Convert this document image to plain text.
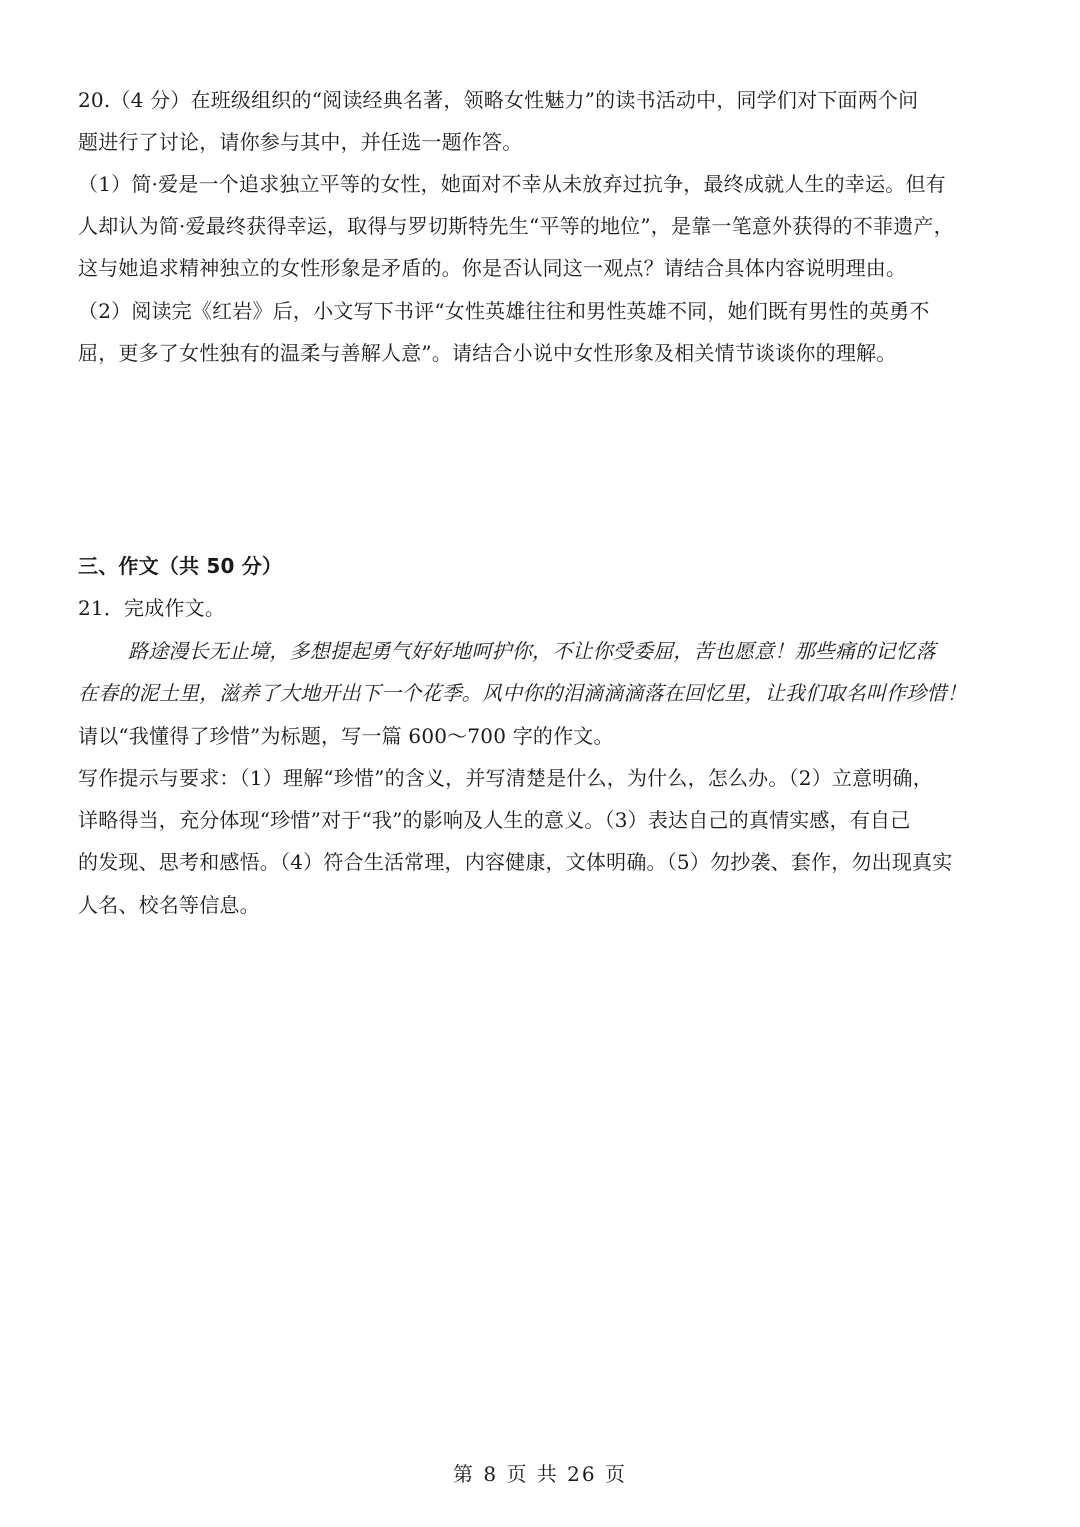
20.（4 分）在班级组织的“阅读经典名著，领略女性魅力”的读书活动中，同学们对下面两个问
题进行了讨论，请你参与其中，并任选一题作答。
（1）简·爱是一个追求独立平等的女性，她面对不幸从未放弃过抗争，最终成就人生的幸运。但有
人却认为简·爱最终获得幸运，取得与罗切斯特先生“平等的地位”，是靠一笔意外获得的不菲遗产，
这与她追求精神独立的女性形象是矛盾的。你是否认同这一观点？请结合具体内容说明理由。
（2）阅读完《红岩》后，小文写下书评“女性英雄往往和男性英雄不同，她们既有男性的英勇不
屈，更多了女性独有的温柔与善解人意”。请结合小说中女性形象及相关情节谈谈你的理解。
三、作文（共 50 分）
21．完成作文。
路途漫长无止境，多想提起勇气好好地呵护你，不让你受委屈，苦也愿意！那些痛的记忆落
在春的泥土里，滋养了大地开出下一个花季。风中你的泪滴滴滴落在回忆里，让我们取名叫作珍惜！
请以“我懂得了珍惜”为标题，写一篇 600～700 字的作文。
写作提示与要求：（1）理解“珍惜”的含义，并写清楚是什么，为什么，怎么办。（2）立意明确，
详略得当，充分体现“珍惜”对于“我”的影响及人生的意义。（3）表达自己的真情实感，有自己
的发现、思考和感悟。（4）符合生活常理，内容健康，文体明确。（5）勿抄袭、套作，勿出现真实
人名、校名等信息。
第 8 页 共 26 页
